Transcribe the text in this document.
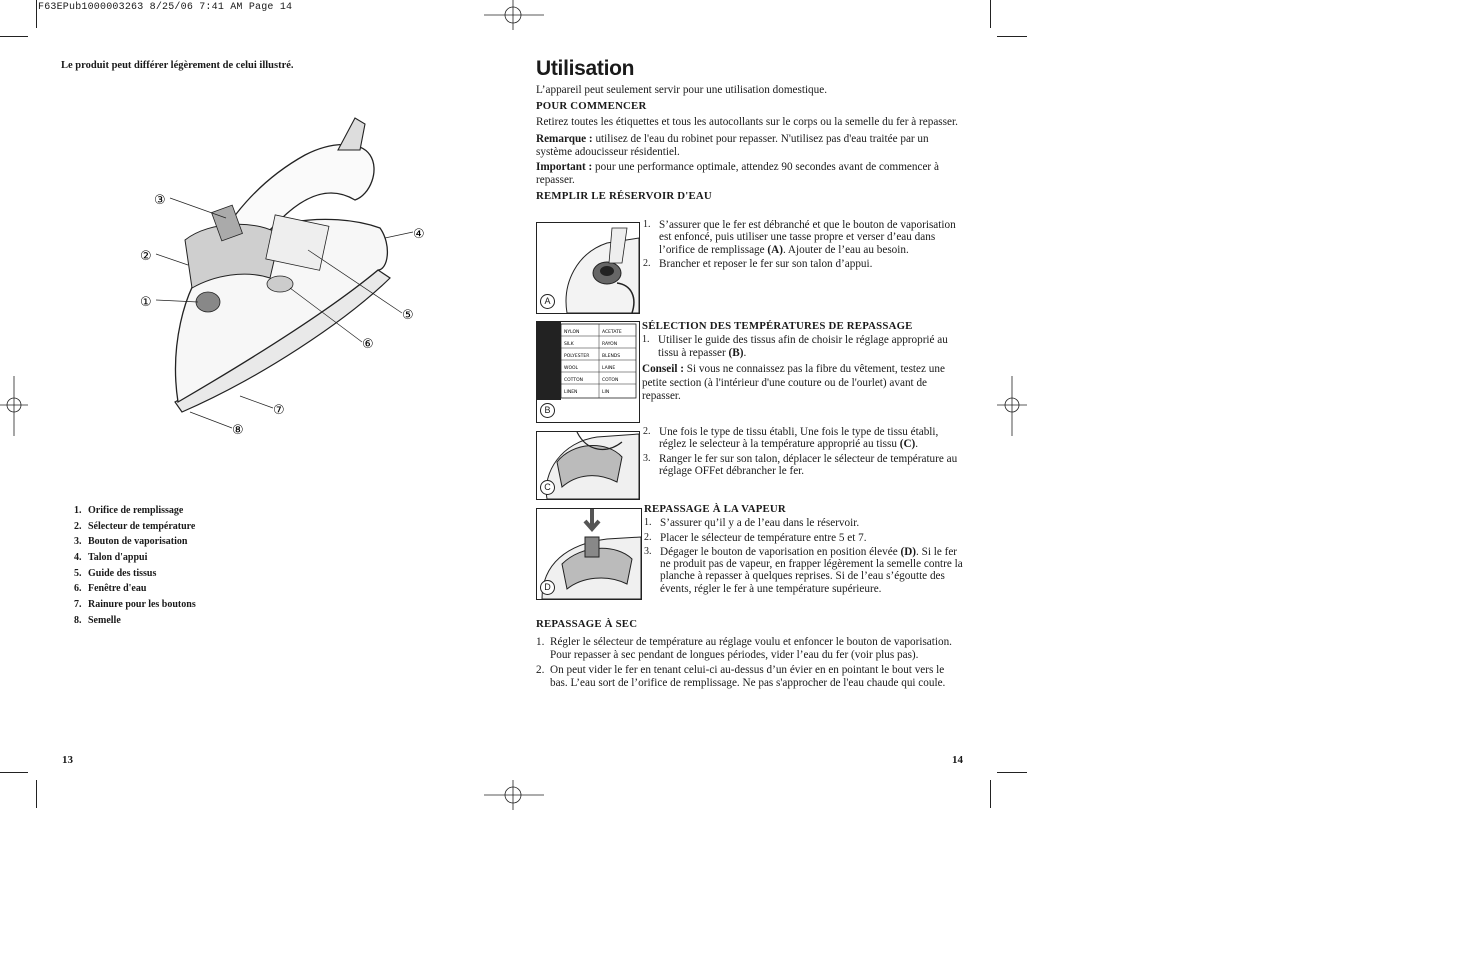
F63EPub1000003263 8/25/06 7:41 AM Page 14
Le produit peut différer légèrement de celui illustré.
③
②
①
④
⑤
⑥
⑦
⑧
1. Orifice de remplissage
2. Sélecteur de température
3. Bouton de vaporisation
4. Talon d'appui
5. Guide des tissus
6. Fenêtre d'eau
7. Rainure pour les boutons
8. Semelle
13
Utilisation
L’appareil peut seulement servir pour une utilisation domestique.
POUR COMMENCER
Retirez toutes les étiquettes et tous les autocollants sur le corps ou la semelle du fer à repasser.
Remarque : utilisez de l'eau du robinet pour repasser. N'utilisez pas d'eau traitée par un système adoucisseur résidentiel.
Important : pour une performance optimale, attendez 90 secondes avant de commencer à repasser.
REMPLIR LE RÉSERVOIR D'EAU
A
1. S’assurer que le fer est débranché et que le bouton de vaporisation est enfoncé, puis utiliser une tasse propre et verser d’eau dans l’orifice de remplissage (A). Ajouter de l’eau au besoin.
2. Brancher et reposer le fer sur son talon d’appui.
NYLON	ACETATE
SILK	RAYON
POLYESTER	BLENDS
WOOL	LAINE
COTTON	COTON
LINEN	LIN
B
SÉLECTION DES TEMPÉRATURES DE REPASSAGE
1. Utiliser le guide des tissus afin de choisir le réglage approprié au tissu à repasser (B).
Conseil : Si vous ne connaissez pas la fibre du vêtement, testez une petite section (à l'intérieur d'une couture ou de l'ourlet) avant de repasser.
C
2. Une fois le type de tissu établi, Une fois le type de tissu établi, réglez le selecteur à la température approprié au tissu (C).
3. Ranger le fer sur son talon, déplacer le sélecteur de température au réglage OFFet débrancher le fer.
D
REPASSAGE À LA VAPEUR
1. S’assurer qu’il y a de l’eau dans le réservoir.
2. Placer le sélecteur de température entre 5 et 7.
3. Dégager le bouton de vaporisation en position élevée (D). Si le fer ne produit pas de vapeur, en frapper légèrement la semelle contre la planche à repasser à quelques reprises. Si de l’eau s’égoutte des évents, régler le fer à une température supérieure.
REPASSAGE À SEC
1. Régler le sélecteur de température au réglage voulu et enfoncer le bouton de vaporisation. Pour repasser à sec pendant de longues périodes, vider l’eau du fer (voir plus pas).
2. On peut vider le fer en tenant celui-ci au-dessus d’un évier en en pointant le bout vers le bas. L’eau sort de l’orifice de remplissage. Ne pas s'approcher de l'eau chaude qui coule.
14
